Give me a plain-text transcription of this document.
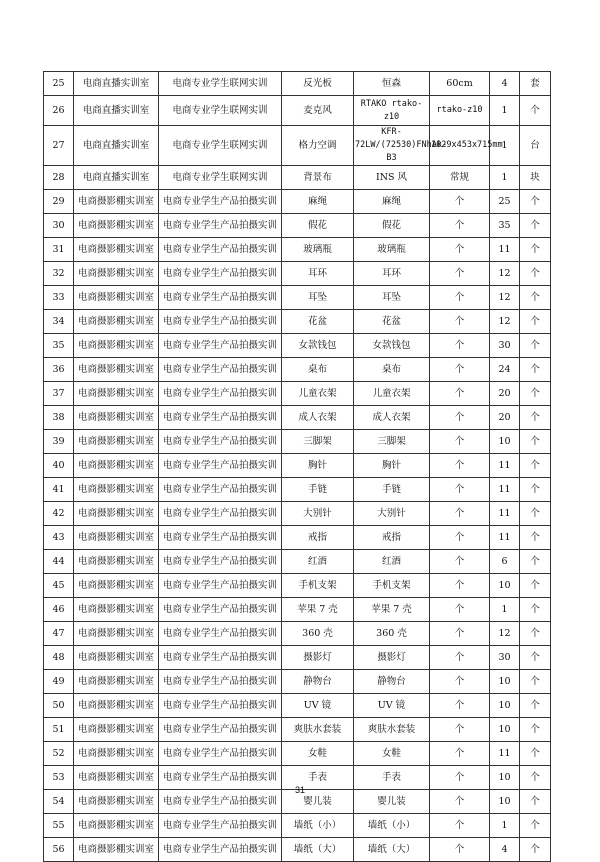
25	电商直播实训室	电商专业学生联网实训	反光板	恒森	60cm	4	套
26	电商直播实训室	电商专业学生联网实训	麦克风	RTAKO rtako-z10	rtako-z10	1	个
27	电商直播实训室	电商专业学生联网实训	格力空调	KFR-72LW/(72530)FNhAk-B3	1029x453x715mm	1	台
28	电商直播实训室	电商专业学生联网实训	背景布	INS 风	常规	1	块
29	电商摄影棚实训室	电商专业学生产品拍摄实训	麻绳	麻绳	个	25	个
30	电商摄影棚实训室	电商专业学生产品拍摄实训	假花	假花	个	35	个
31	电商摄影棚实训室	电商专业学生产品拍摄实训	玻璃瓶	玻璃瓶	个	11	个
32	电商摄影棚实训室	电商专业学生产品拍摄实训	耳环	耳环	个	12	个
33	电商摄影棚实训室	电商专业学生产品拍摄实训	耳坠	耳坠	个	12	个
34	电商摄影棚实训室	电商专业学生产品拍摄实训	花盆	花盆	个	12	个
35	电商摄影棚实训室	电商专业学生产品拍摄实训	女款钱包	女款钱包	个	30	个
36	电商摄影棚实训室	电商专业学生产品拍摄实训	桌布	桌布	个	24	个
37	电商摄影棚实训室	电商专业学生产品拍摄实训	儿童衣架	儿童衣架	个	20	个
38	电商摄影棚实训室	电商专业学生产品拍摄实训	成人衣架	成人衣架	个	20	个
39	电商摄影棚实训室	电商专业学生产品拍摄实训	三脚架	三脚架	个	10	个
40	电商摄影棚实训室	电商专业学生产品拍摄实训	胸针	胸针	个	11	个
41	电商摄影棚实训室	电商专业学生产品拍摄实训	手链	手链	个	11	个
42	电商摄影棚实训室	电商专业学生产品拍摄实训	大别针	大别针	个	11	个
43	电商摄影棚实训室	电商专业学生产品拍摄实训	戒指	戒指	个	11	个
44	电商摄影棚实训室	电商专业学生产品拍摄实训	红酒	红酒	个	6	个
45	电商摄影棚实训室	电商专业学生产品拍摄实训	手机支架	手机支架	个	10	个
46	电商摄影棚实训室	电商专业学生产品拍摄实训	苹果 7 壳	苹果 7 壳	个	1	个
47	电商摄影棚实训室	电商专业学生产品拍摄实训	360 壳	360 壳	个	12	个
48	电商摄影棚实训室	电商专业学生产品拍摄实训	摄影灯	摄影灯	个	30	个
49	电商摄影棚实训室	电商专业学生产品拍摄实训	静物台	静物台	个	10	个
50	电商摄影棚实训室	电商专业学生产品拍摄实训	UV 镜	UV 镜	个	10	个
51	电商摄影棚实训室	电商专业学生产品拍摄实训	爽肤水套装	爽肤水套装	个	10	个
52	电商摄影棚实训室	电商专业学生产品拍摄实训	女鞋	女鞋	个	11	个
53	电商摄影棚实训室	电商专业学生产品拍摄实训	手表	手表	个	10	个
54	电商摄影棚实训室	电商专业学生产品拍摄实训	婴儿装	婴儿装	个	10	个
55	电商摄影棚实训室	电商专业学生产品拍摄实训	墙纸（小）	墙纸（小）	个	1	个
56	电商摄影棚实训室	电商专业学生产品拍摄实训	墙纸（大）	墙纸（大）	个	4	个
31
